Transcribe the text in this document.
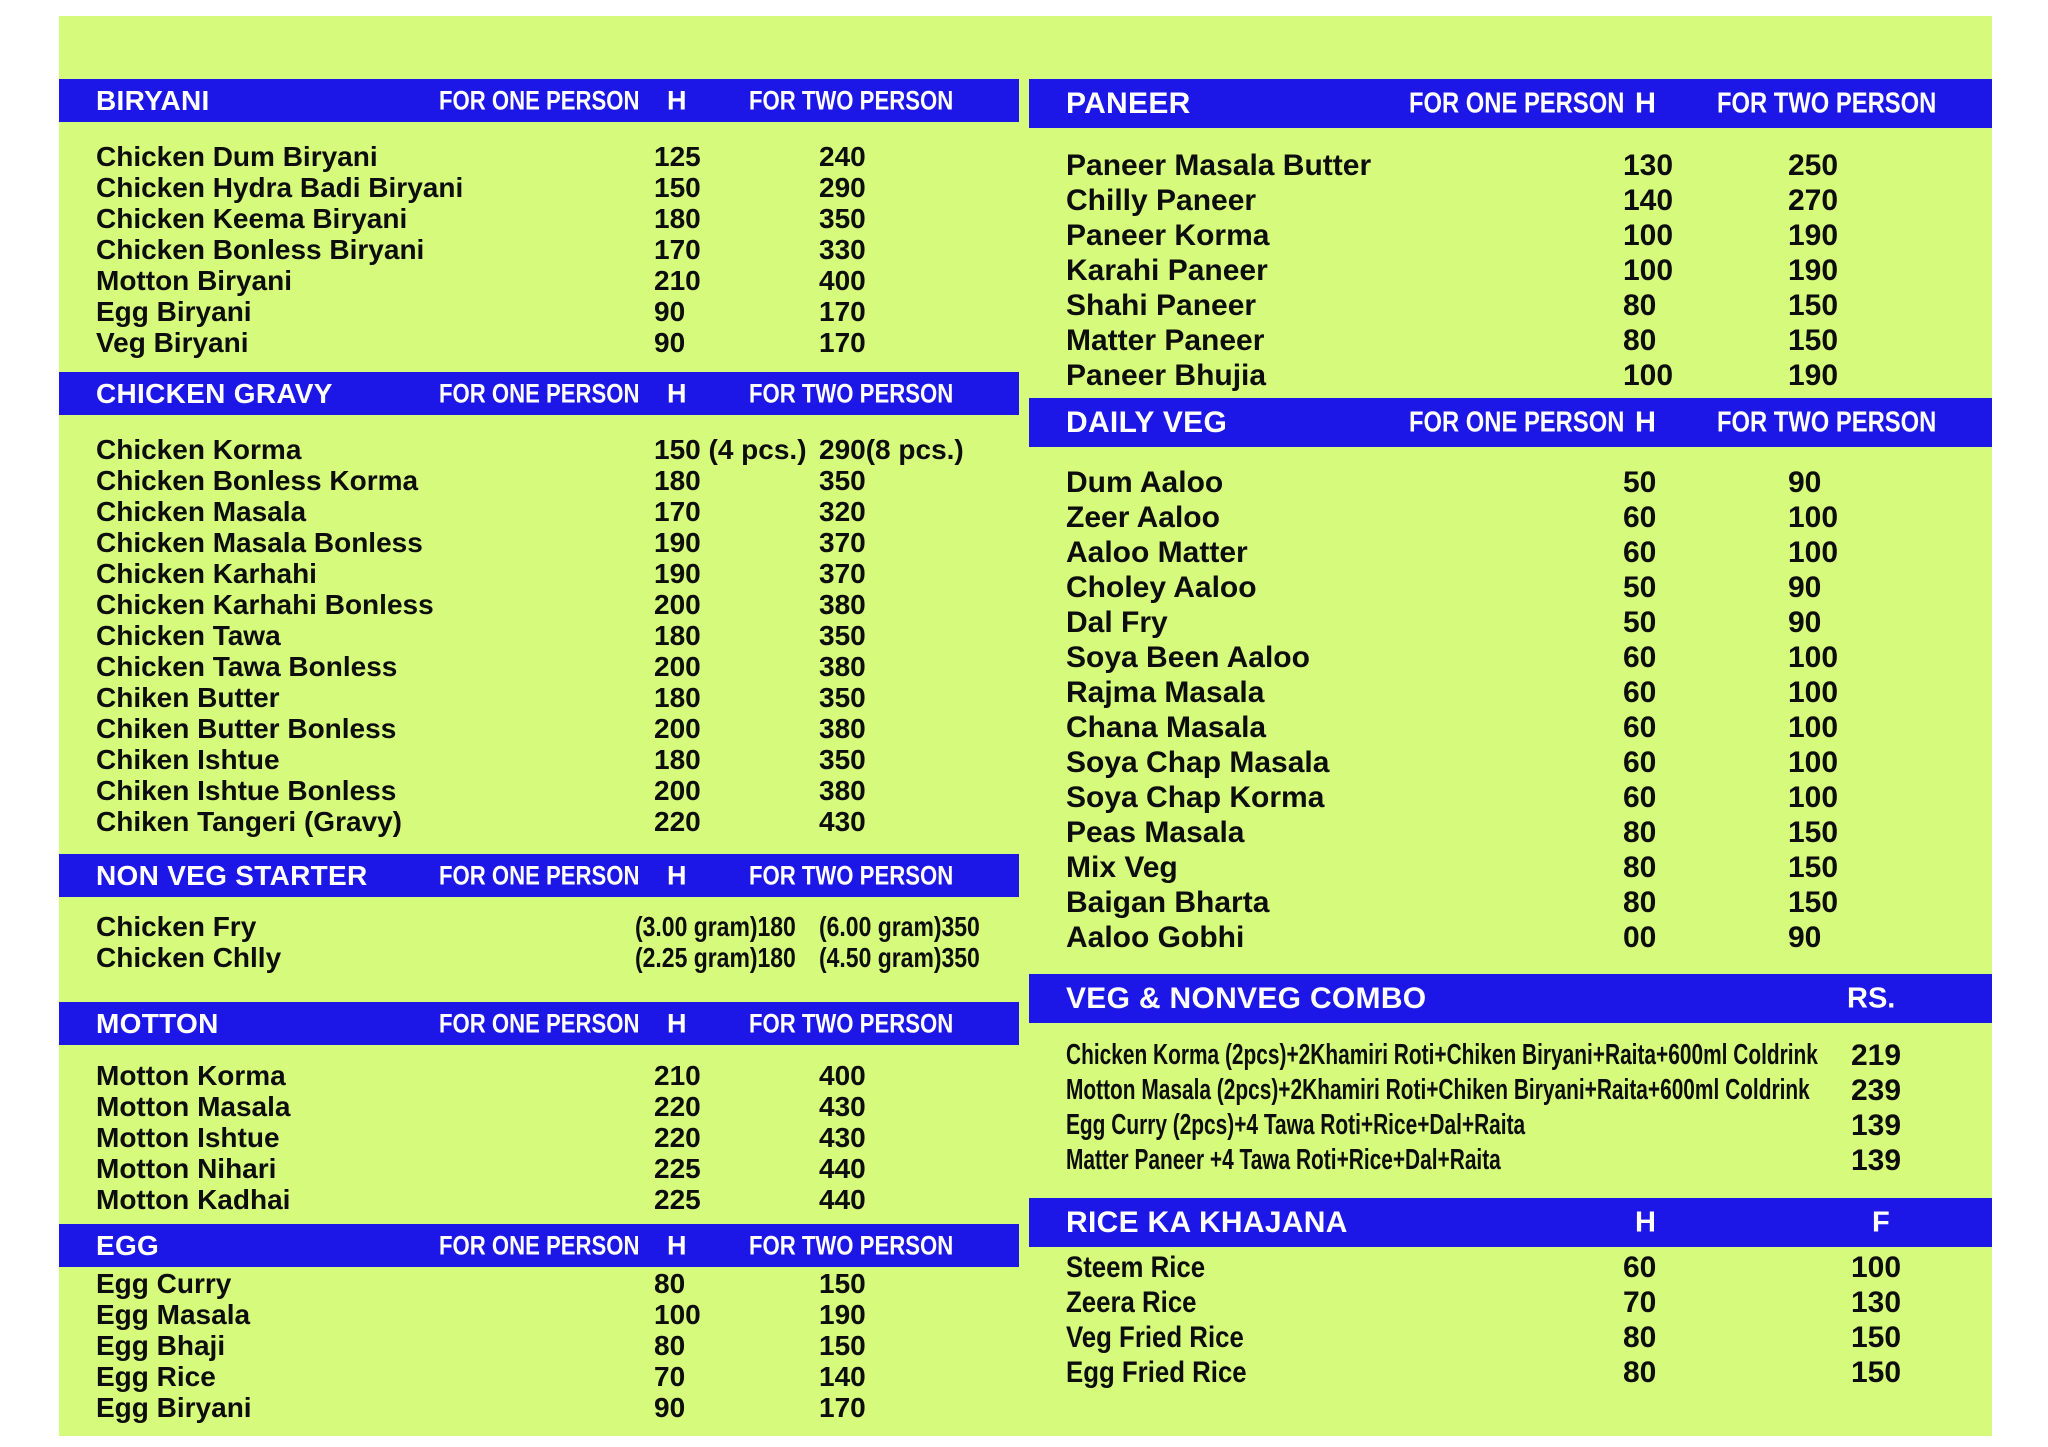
BIRYANI	FOR ONE PERSON H FOR TWO PERSON
Chicken Dum Biryani	125	240
Chicken Hydra Badi Biryani	150	290
Chicken Keema Biryani	180	350
Chicken Bonless Biryani	170	330
Motton Biryani	210	400
Egg Biryani	90	170
Veg Biryani	90	170
CHICKEN GRAVY	FOR ONE PERSON H FOR TWO PERSON
Chicken Korma	150 (4 pcs.) 290(8 pcs.)
Chicken Bonless Korma	180	350
Chicken Masala	170	320
Chicken Masala Bonless	190	370
Chicken Karhahi	190	370
Chicken Karhahi Bonless	200	380
Chicken Tawa	180	350
Chicken Tawa Bonless	200	380
Chiken Butter	180	350
Chiken Butter Bonless	200	380
Chiken Ishtue	180	350
Chiken Ishtue Bonless	200	380
Chiken Tangeri (Gravy)	220	430
NON VEG STARTER	FOR ONE PERSON H FOR TWO PERSON
Chicken Fry	(3.00 gram)180 (6.00 gram)350
Chicken Chlly	(2.25 gram)180 (4.50 gram)350
MOTTON	FOR ONE PERSON H FOR TWO PERSON
Motton Korma	210	400
Motton Masala	220	430
Motton Ishtue	220	430
Motton Nihari	225	440
Motton Kadhai	225	440
EGG	FOR ONE PERSON H FOR TWO PERSON
Egg Curry	80	150
Egg Masala	100	190
Egg Bhaji	80	150
Egg Rice	70	140
Egg Biryani	90	170
PANEER	FOR ONE PERSON H FOR TWO PERSON
Paneer Masala Butter	130	250
Chilly Paneer	140	270
Paneer Korma	100	190
Karahi Paneer	100	190
Shahi Paneer	80	150
Matter Paneer	80	150
Paneer Bhujia	100	190
DAILY VEG	FOR ONE PERSON H FOR TWO PERSON
Dum Aaloo	50	90
Zeer Aaloo	60	100
Aaloo Matter	60	100
Choley Aaloo	50	90
Dal Fry	50	90
Soya Been Aaloo	60	100
Rajma Masala	60	100
Chana Masala	60	100
Soya Chap Masala	60	100
Soya Chap Korma	60	100
Peas Masala	80	150
Mix Veg	80	150
Baigan Bharta	80	150
Aaloo Gobhi	00	90
VEG & NONVEG COMBO	RS.
Chicken Korma (2pcs)+2Khamiri Roti+Chiken Biryani+Raita+600ml Coldrink	219
Motton Masala (2pcs)+2Khamiri Roti+Chiken Biryani+Raita+600ml Coldrink	239
Egg Curry (2pcs)+4 Tawa Roti+Rice+Dal+Raita	139
Matter Paneer +4 Tawa Roti+Rice+Dal+Raita	139
RICE KA KHAJANA	H	F
Steem Rice	60	100
Zeera Rice	70	130
Veg Fried Rice	80	150
Egg Fried Rice	80	150
